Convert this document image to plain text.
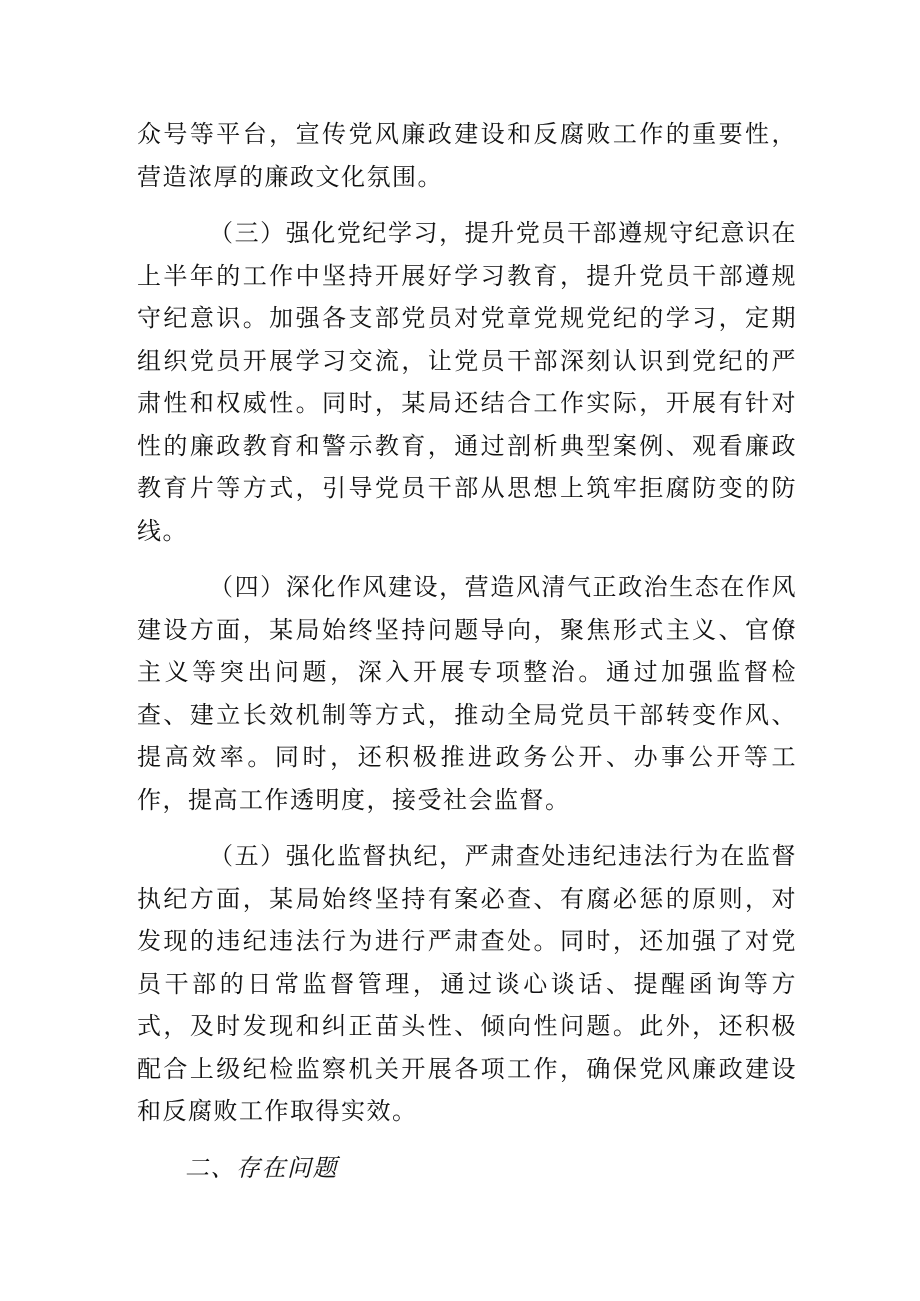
众号等平台，宣传党风廉政建设和反腐败工作的重要性，营造浓厚的廉政文化氛围。

（三）强化党纪学习，提升党员干部遵规守纪意识在上半年的工作中坚持开展好学习教育，提升党员干部遵规守纪意识。加强各支部党员对党章党规党纪的学习，定期组织党员开展学习交流，让党员干部深刻认识到党纪的严肃性和权威性。同时，某局还结合工作实际，开展有针对性的廉政教育和警示教育，通过剖析典型案例、观看廉政教育片等方式，引导党员干部从思想上筑牢拒腐防变的防线。

（四）深化作风建设，营造风清气正政治生态在作风建设方面，某局始终坚持问题导向，聚焦形式主义、官僚主义等突出问题，深入开展专项整治。通过加强监督检查、建立长效机制等方式，推动全局党员干部转变作风、提高效率。同时，还积极推进政务公开、办事公开等工作，提高工作透明度，接受社会监督。

（五）强化监督执纪，严肃查处违纪违法行为在监督执纪方面，某局始终坚持有案必查、有腐必惩的原则，对发现的违纪违法行为进行严肃查处。同时，还加强了对党员干部的日常监督管理，通过谈心谈话、提醒函询等方式，及时发现和纠正苗头性、倾向性问题。此外，还积极配合上级纪检监察机关开展各项工作，确保党风廉政建设和反腐败工作取得实效。

二、存在问题
